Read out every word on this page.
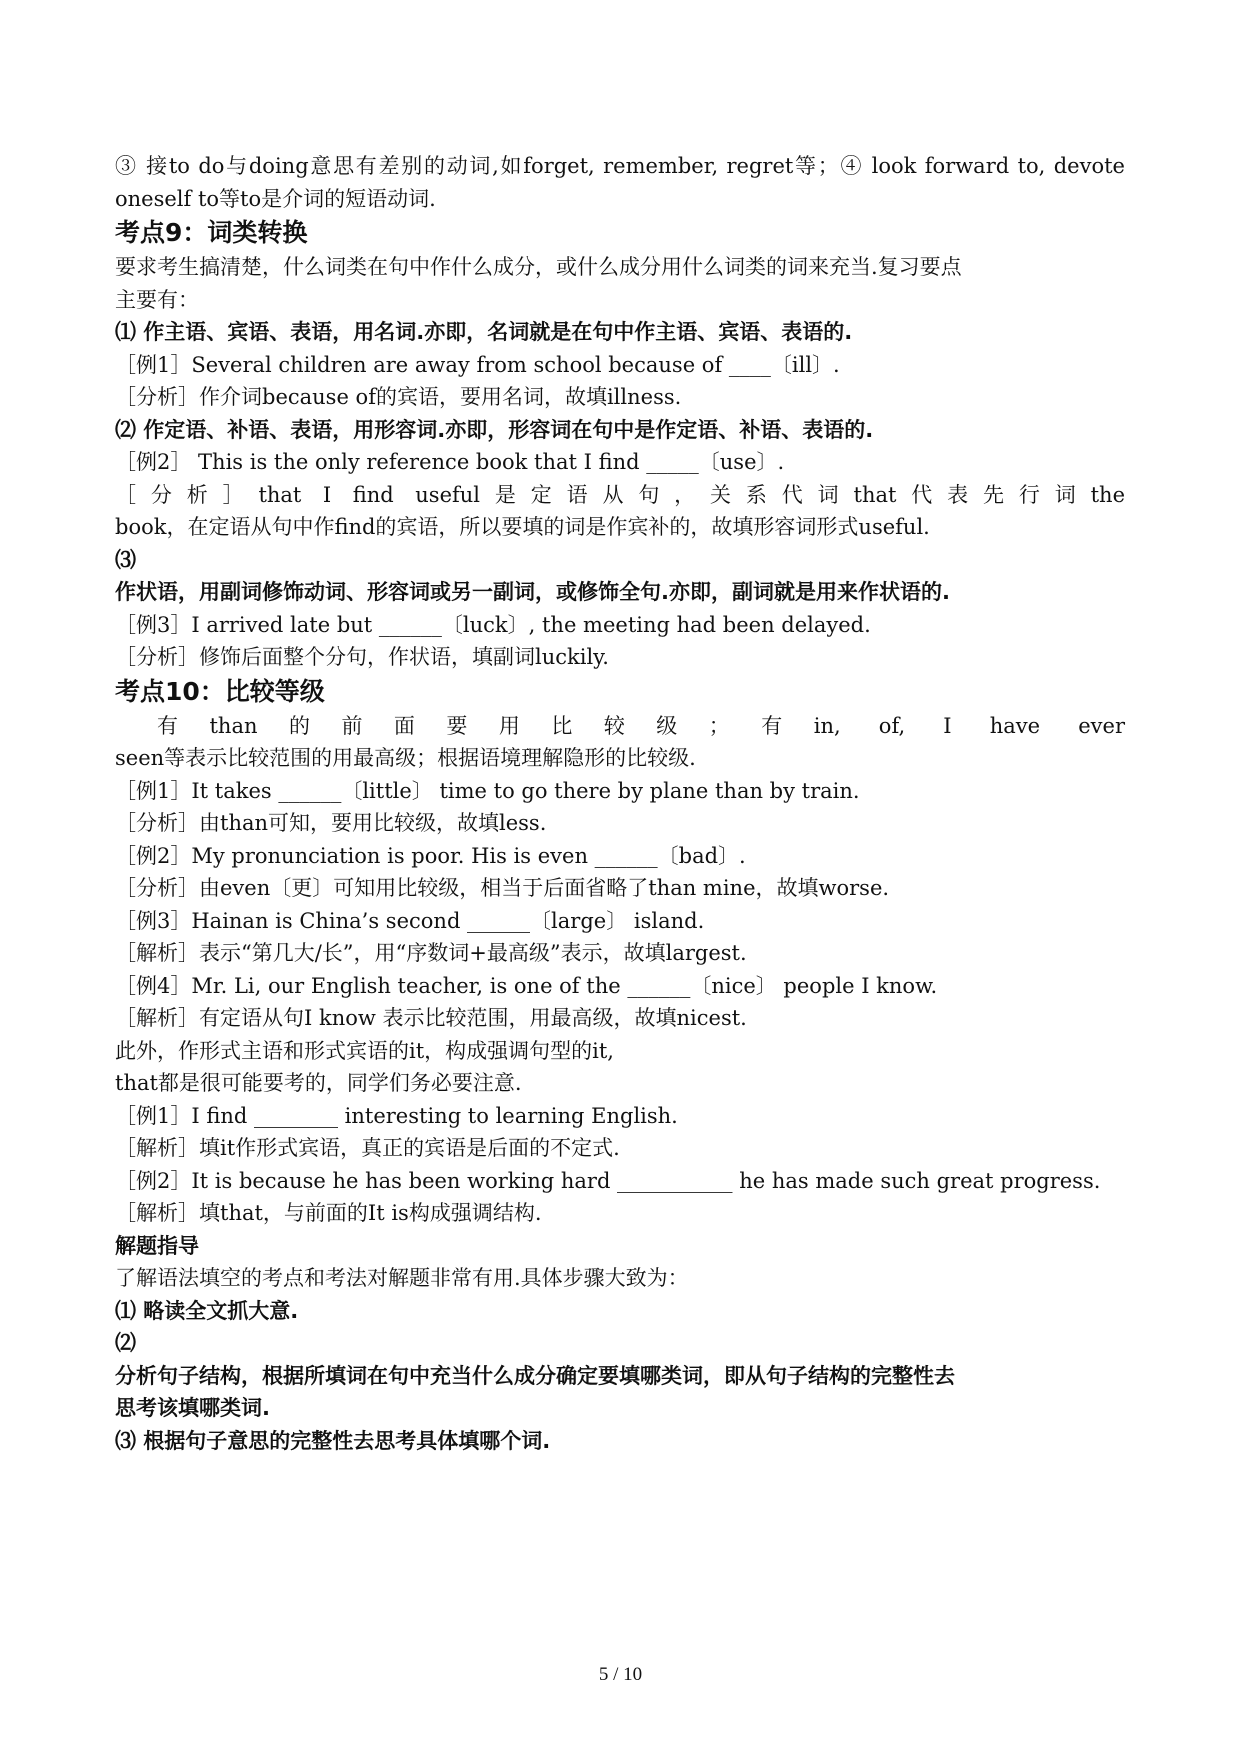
③ 接to do与doing意思有差别的动词,如forget, remember, regret等；④ look forward to, devote

oneself to等to是介词的短语动词.

考点9：词类转换

要求考生搞清楚，什么词类在句中作什么成分，或什么成分用什么词类的词来充当.复习要点

主要有：

⑴ 作主语、宾语、表语，用名词.亦即，名词就是在句中作主语、宾语、表语的.

［例1］Several children are away from school because of ____〔ill〕.

［分析］作介词because of的宾语，要用名词，故填illness.

⑵ 作定语、补语、表语，用形容词.亦即，形容词在句中是作定语、补语、表语的.

［例2］ This is the only reference book that I find _____〔use〕.

［分析］that I find useful是定语从句，关系代词that代表先行词the

book，在定语从句中作find的宾语，所以要填的词是作宾补的，故填形容词形式useful.

⑶

作状语，用副词修饰动词、形容词或另一副词，或修饰全句.亦即，副词就是用来作状语的.

［例3］I arrived late but ______〔luck〕, the meeting had been delayed.

［分析］修饰后面整个分句，作状语，填副词luckily.

考点10：比较等级

有than的前面要用比较级；有in, of, I have ever

seen等表示比较范围的用最高级；根据语境理解隐形的比较级.

［例1］It takes ______〔little〕 time to go there by plane than by train.

［分析］由than可知，要用比较级，故填less.

［例2］My pronunciation is poor. His is even ______〔bad〕.

［分析］由even〔更〕可知用比较级，相当于后面省略了than mine，故填worse.

［例3］Hainan is China’s second ______〔large〕 island.

［解析］表示“第几大/长”，用“序数词+最高级”表示，故填largest.

［例4］Mr. Li, our English teacher, is one of the ______〔nice〕 people I know.

［解析］有定语从句I know 表示比较范围，用最高级，故填nicest.

此外，作形式主语和形式宾语的it，构成强调句型的it,

that都是很可能要考的，同学们务必要注意.

［例1］I find ________ interesting to learning English.

［解析］填it作形式宾语，真正的宾语是后面的不定式.

［例2］It is because he has been working hard ___________ he has made such great progress.

［解析］填that，与前面的It is构成强调结构.

解题指导

了解语法填空的考点和考法对解题非常有用.具体步骤大致为：

⑴ 略读全文抓大意.

⑵

分析句子结构，根据所填词在句中充当什么成分确定要填哪类词，即从句子结构的完整性去

思考该填哪类词.

⑶ 根据句子意思的完整性去思考具体填哪个词.

5 / 10
